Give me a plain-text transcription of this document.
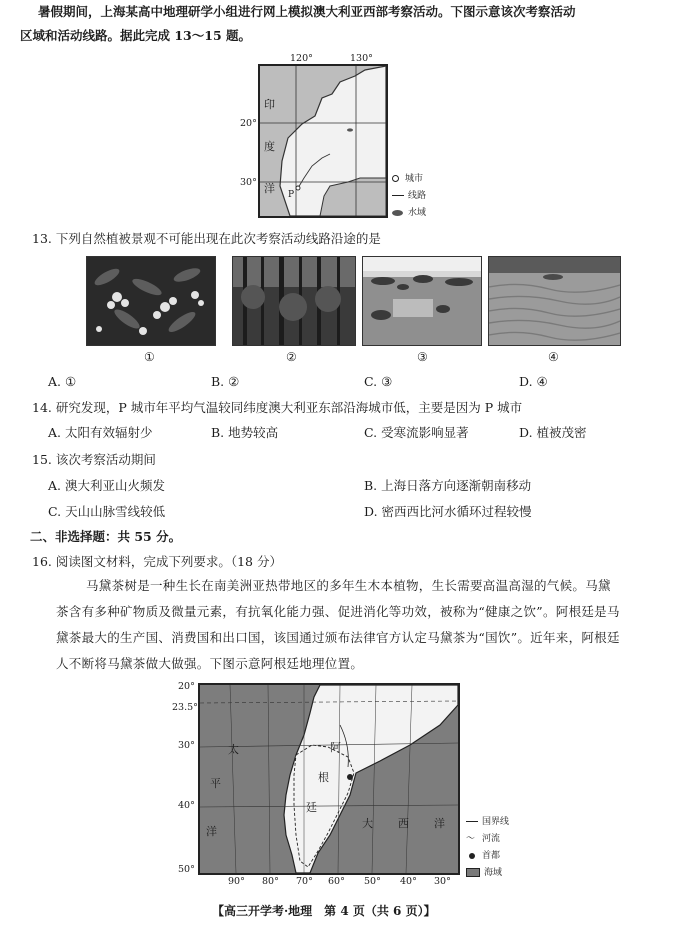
暑假期间，上海某高中地理研学小组进行网上模拟澳大利亚西部考察活动。下图示意该次考察活动
区域和活动线路。据此完成 13～15 题。
120°	130°
20°
30°
印
度
洋 P
城市
线路
水域
13. 下列自然植被景观不可能出现在此次考察活动线路沿途的是
①	②	③	④
A. ①	B. ②	C. ③	D. ④
14. 研究发现，P 城市年平均气温较同纬度澳大利亚东部沿海城市低，主要是因为 P 城市
A. 太阳有效辐射少	B. 地势较高	C. 受寒流影响显著	D. 植被茂密
15. 该次考察活动期间
A. 澳大利亚山火频发	B. 上海日落方向逐渐朝南移动
C. 天山山脉雪线较低	D. 密西西比河水循环过程较慢
二、非选择题：共 55 分。
16. 阅读图文材料，完成下列要求。（18 分）
马黛茶树是一种生长在南美洲亚热带地区的多年生木本植物，生长需要高温高湿的气候。马黛
茶含有多种矿物质及微量元素，有抗氧化能力强、促进消化等功效，被称为“健康之饮”。阿根廷是马
黛茶最大的生产国、消费国和出口国，该国通过颁布法律官方认定马黛茶为“国饮”。近年来，阿根廷
人不断将马黛茶做大做强。下图示意阿根廷地理位置。
20°
23.5°
30°
40°
50°
太
平
洋
阿
根
廷
大 西 洋
90° 80° 70° 60° 50° 40° 30°
国界线
～ 河流
首都
海域
【高三开学考·地理　第 4 页（共 6 页）】
